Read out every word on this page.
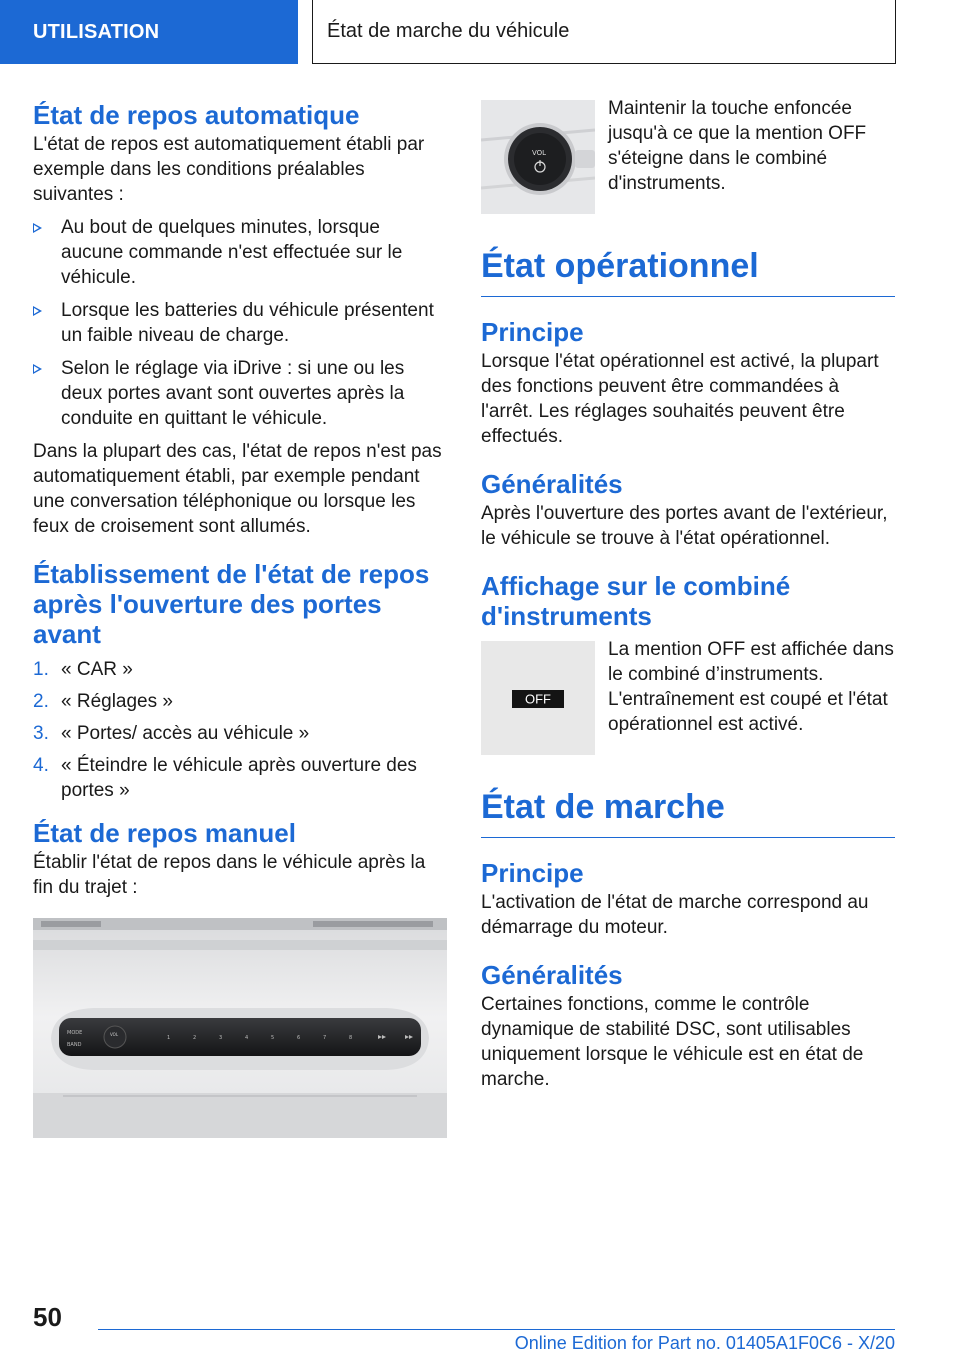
UTILISATION	État de marche du véhicule
État de repos automatique

L'état de repos est automatiquement établi par exemple dans les conditions préalables suivantes :

Au bout de quelques minutes, lorsque aucune commande n'est effectuée sur le véhicule.
Lorsque les batteries du véhicule présentent un faible niveau de charge.
Selon le réglage via iDrive : si une ou les deux portes avant sont ouvertes après la conduite en quittant le véhicule.

Dans la plupart des cas, l'état de repos n'est pas automatiquement établi, par exemple pendant une conversation téléphonique ou lorsque les feux de croisement sont allumés.

Établissement de l'état de repos après l'ouverture des portes avant
1. « CAR »
2. « Réglages »
3. « Portes/ accès au véhicule »
4. « Éteindre le véhicule après ouverture des portes »
État de repos manuel

Établir l'état de repos dans le véhicule après la fin du trajet :

MODE
BAND
VOL
1	2	3	4	5	6	7	8
VOL

Maintenir la touche enfoncée jusqu'à ce que la mention OFF s'éteigne dans le combiné d'instruments.

État opérationnel
Principe

Lorsque l'état opérationnel est activé, la plupart des fonctions peuvent être commandées à l'arrêt. Les réglages souhaités peuvent être effectués.

Généralités

Après l'ouverture des portes avant de l'extérieur, le véhicule se trouve à l'état opérationnel.

Affichage sur le combiné d'instruments
OFF

La mention OFF est affichée dans le combiné d’instruments. L'entraînement est coupé et l'état opérationnel est activé.

État de marche
Principe

L'activation de l'état de marche correspond au démarrage du moteur.

Généralités

Certaines fonctions, comme le contrôle dynamique de stabilité DSC, sont utilisables uniquement lorsque le véhicule est en état de marche.

50
Online Edition for Part no. 01405A1F0C6 - X/20
